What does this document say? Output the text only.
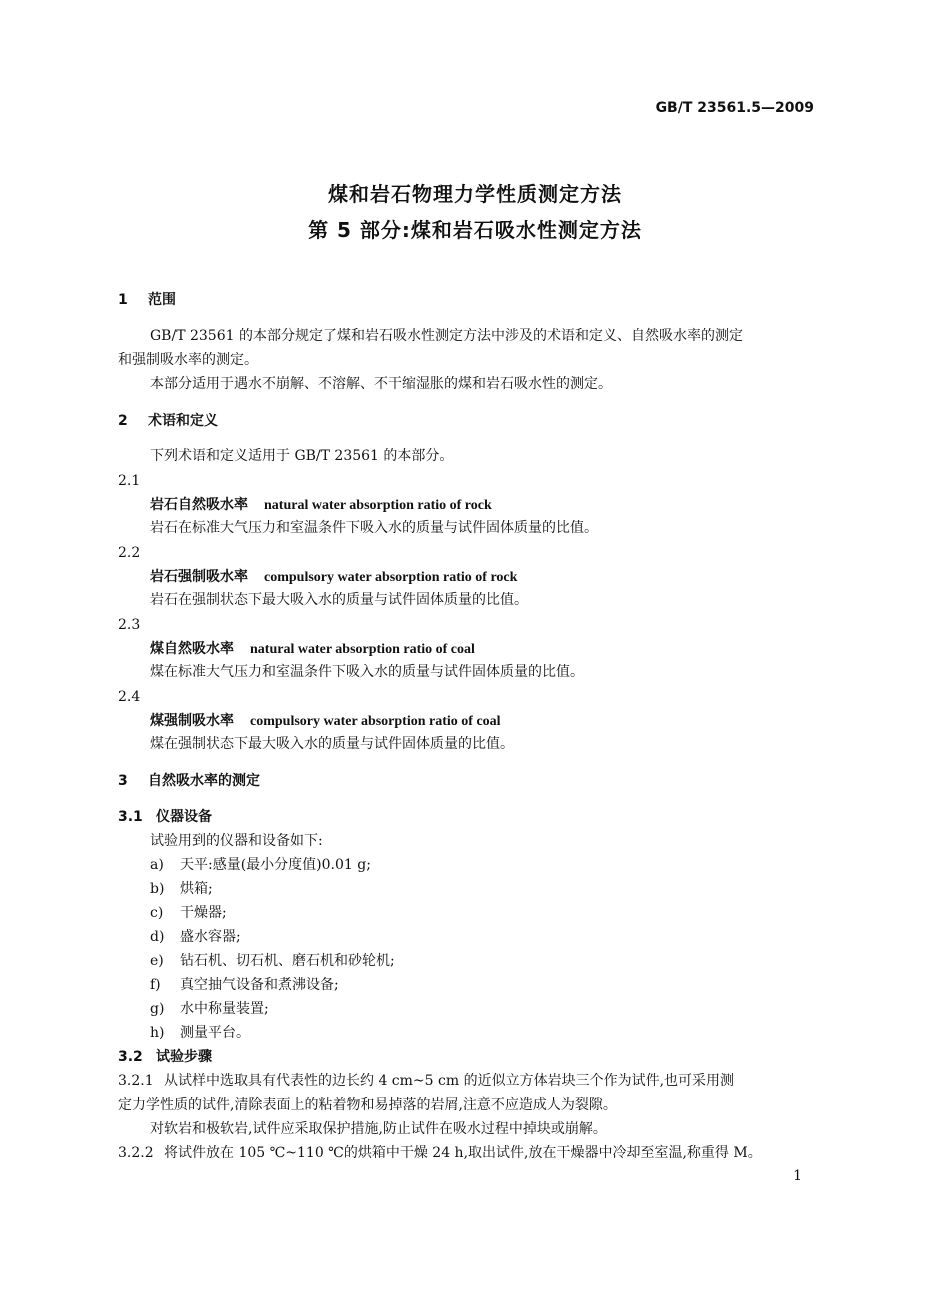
GB/T 23561.5—2009
煤和岩石物理力学性质测定方法
第 5 部分:煤和岩石吸水性测定方法
1 范围
GB/T 23561 的本部分规定了煤和岩石吸水性测定方法中涉及的术语和定义、自然吸水率的测定
和强制吸水率的测定。
本部分适用于遇水不崩解、不溶解、不干缩湿胀的煤和岩石吸水性的测定。
2 术语和定义
下列术语和定义适用于 GB/T 23561 的本部分。
2.1
岩石自然吸水率 natural water absorption ratio of rock
岩石在标准大气压力和室温条件下吸入水的质量与试件固体质量的比值。
2.2
岩石强制吸水率 compulsory water absorption ratio of rock
岩石在强制状态下最大吸入水的质量与试件固体质量的比值。
2.3
煤自然吸水率 natural water absorption ratio of coal
煤在标准大气压力和室温条件下吸入水的质量与试件固体质量的比值。
2.4
煤强制吸水率 compulsory water absorption ratio of coal
煤在强制状态下最大吸入水的质量与试件固体质量的比值。
3 自然吸水率的测定
3.1 仪器设备
试验用到的仪器和设备如下:
a) 天平:感量(最小分度值)0.01 g;
b) 烘箱;
c) 干燥器;
d) 盛水容器;
e) 钻石机、切石机、磨石机和砂轮机;
f) 真空抽气设备和煮沸设备;
g) 水中称量装置;
h) 测量平台。
3.2 试验步骤
3.2.1 从试样中选取具有代表性的边长约 4 cm~5 cm 的近似立方体岩块三个作为试件,也可采用测
定力学性质的试件,清除表面上的粘着物和易掉落的岩屑,注意不应造成人为裂隙。
对软岩和极软岩,试件应采取保护措施,防止试件在吸水过程中掉块或崩解。
3.2.2 将试件放在 105 ℃~110 ℃的烘箱中干燥 24 h,取出试件,放在干燥器中冷却至室温,称重得 M。
1
